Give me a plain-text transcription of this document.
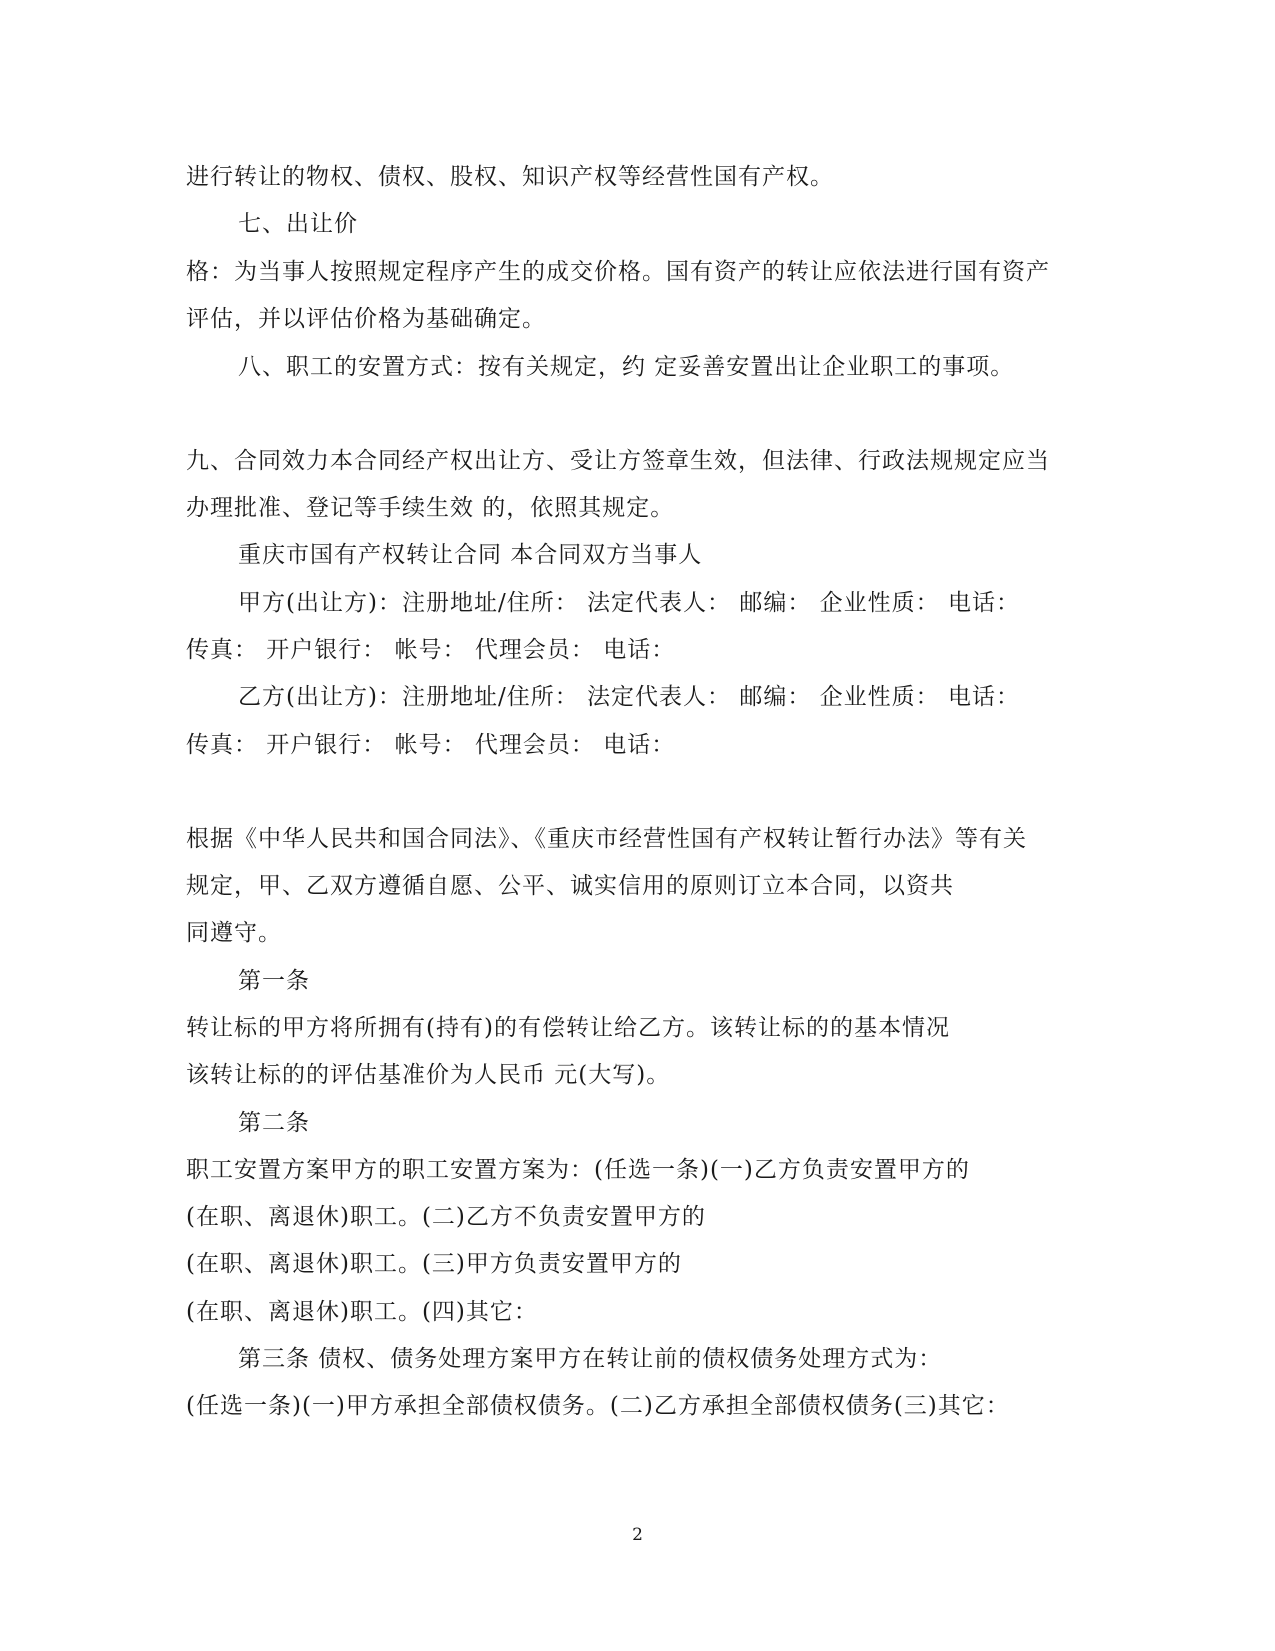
进行转让的物权、债权、股权、知识产权等经营性国有产权。
七、出让价
格：为当事人按照规定程序产生的成交价格。国有资产的转让应依法进行国有资产
评估，并以评估价格为基础确定。
八、职工的安置方式：按有关规定，约 定妥善安置出让企业职工的事项。
九、合同效力本合同经产权出让方、受让方签章生效，但法律、行政法规规定应当
办理批准、登记等手续生效 的，依照其规定。
重庆市国有产权转让合同 本合同双方当事人
甲方(出让方)：注册地址/住所： 法定代表人： 邮编： 企业性质： 电话：
传真： 开户银行： 帐号： 代理会员： 电话：
乙方(出让方)：注册地址/住所： 法定代表人： 邮编： 企业性质： 电话：
传真： 开户银行： 帐号： 代理会员： 电话：
根据《中华人民共和国合同法》、《重庆市经营性国有产权转让暂行办法》等有关
规定，甲、乙双方遵循自愿、公平、诚实信用的原则订立本合同，以资共
同遵守。
第一条
转让标的甲方将所拥有(持有)的有偿转让给乙方。该转让标的的基本情况
该转让标的的评估基准价为人民币 元(大写)。
第二条
职工安置方案甲方的职工安置方案为：(任选一条)(一)乙方负责安置甲方的
(在职、离退休)职工。(二)乙方不负责安置甲方的
(在职、离退休)职工。(三)甲方负责安置甲方的
(在职、离退休)职工。(四)其它：
第三条 债权、债务处理方案甲方在转让前的债权债务处理方式为：
(任选一条)(一)甲方承担全部债权债务。(二)乙方承担全部债权债务(三)其它：
2
